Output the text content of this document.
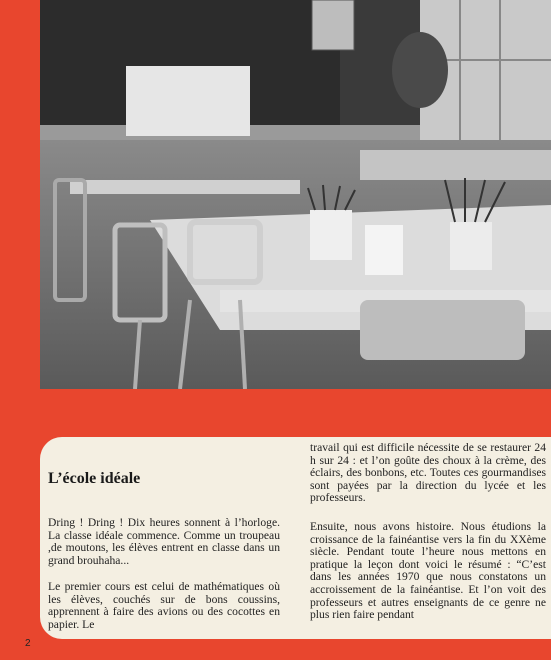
L’école idéale

Dring ! Dring ! Dix heures sonnent à l’horloge. La classe idéale commence. Comme un troupeau ,de moutons, les élèves entrent en classe dans un grand brouhaha...

Le premier cours est celui de mathématiques où les élèves, couchés sur de bons coussins, apprennent à faire des avions ou des cocottes en papier. Le

travail qui est difficile nécessite de se restaurer 24 h sur 24 : et l’on goûte des choux à la crème, des éclairs, des bonbons, etc. Toutes ces gourmandises sont payées par la direction du lycée et les professeurs.

Ensuite, nous avons histoire. Nous étudions la croissance de la fainéantise vers la fin du XXème siècle. Pendant toute l’heure nous mettons en pratique la leçon dont voici le résumé : “C’est dans les années 1970 que nous constatons un accroissement de la fainéantise. Et l’on voit des professeurs et autres enseignants de ce genre ne plus rien faire pendant

2
